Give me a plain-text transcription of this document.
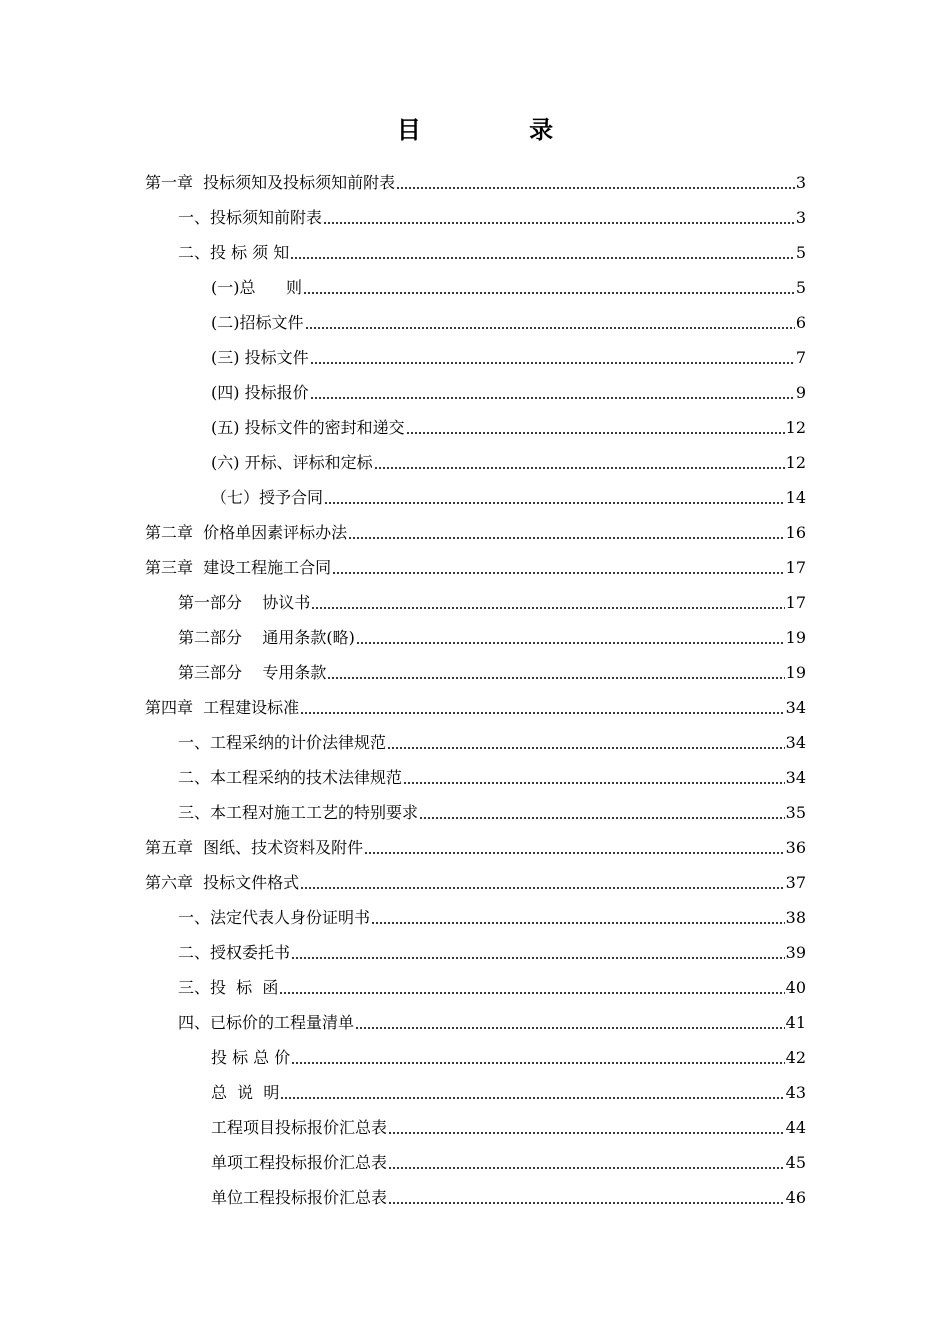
目 录
第一章  投标须知及投标须知前附表	3
一、投标须知前附表	3
二、投 标 须 知	5
(一)总      则	5
(二)招标文件	6
(三) 投标文件	7
(四) 投标报价	9
(五) 投标文件的密封和递交	12
(六) 开标、评标和定标	12
（七）授予合同	14
第二章  价格单因素评标办法	16
第三章  建设工程施工合同	17
第一部分    协议书	17
第二部分    通用条款(略)	19
第三部分    专用条款	19
第四章  工程建设标准	34
一、工程采纳的计价法律规范	34
二、本工程采纳的技术法律规范	34
三、本工程对施工工艺的特别要求	35
第五章  图纸、技术资料及附件	36
第六章  投标文件格式	37
一、法定代表人身份证明书	38
二、授权委托书	39
三、投  标  函	40
四、已标价的工程量清单	41
投 标 总 价	42
总  说  明	43
工程项目投标报价汇总表	44
单项工程投标报价汇总表	45
单位工程投标报价汇总表	46
